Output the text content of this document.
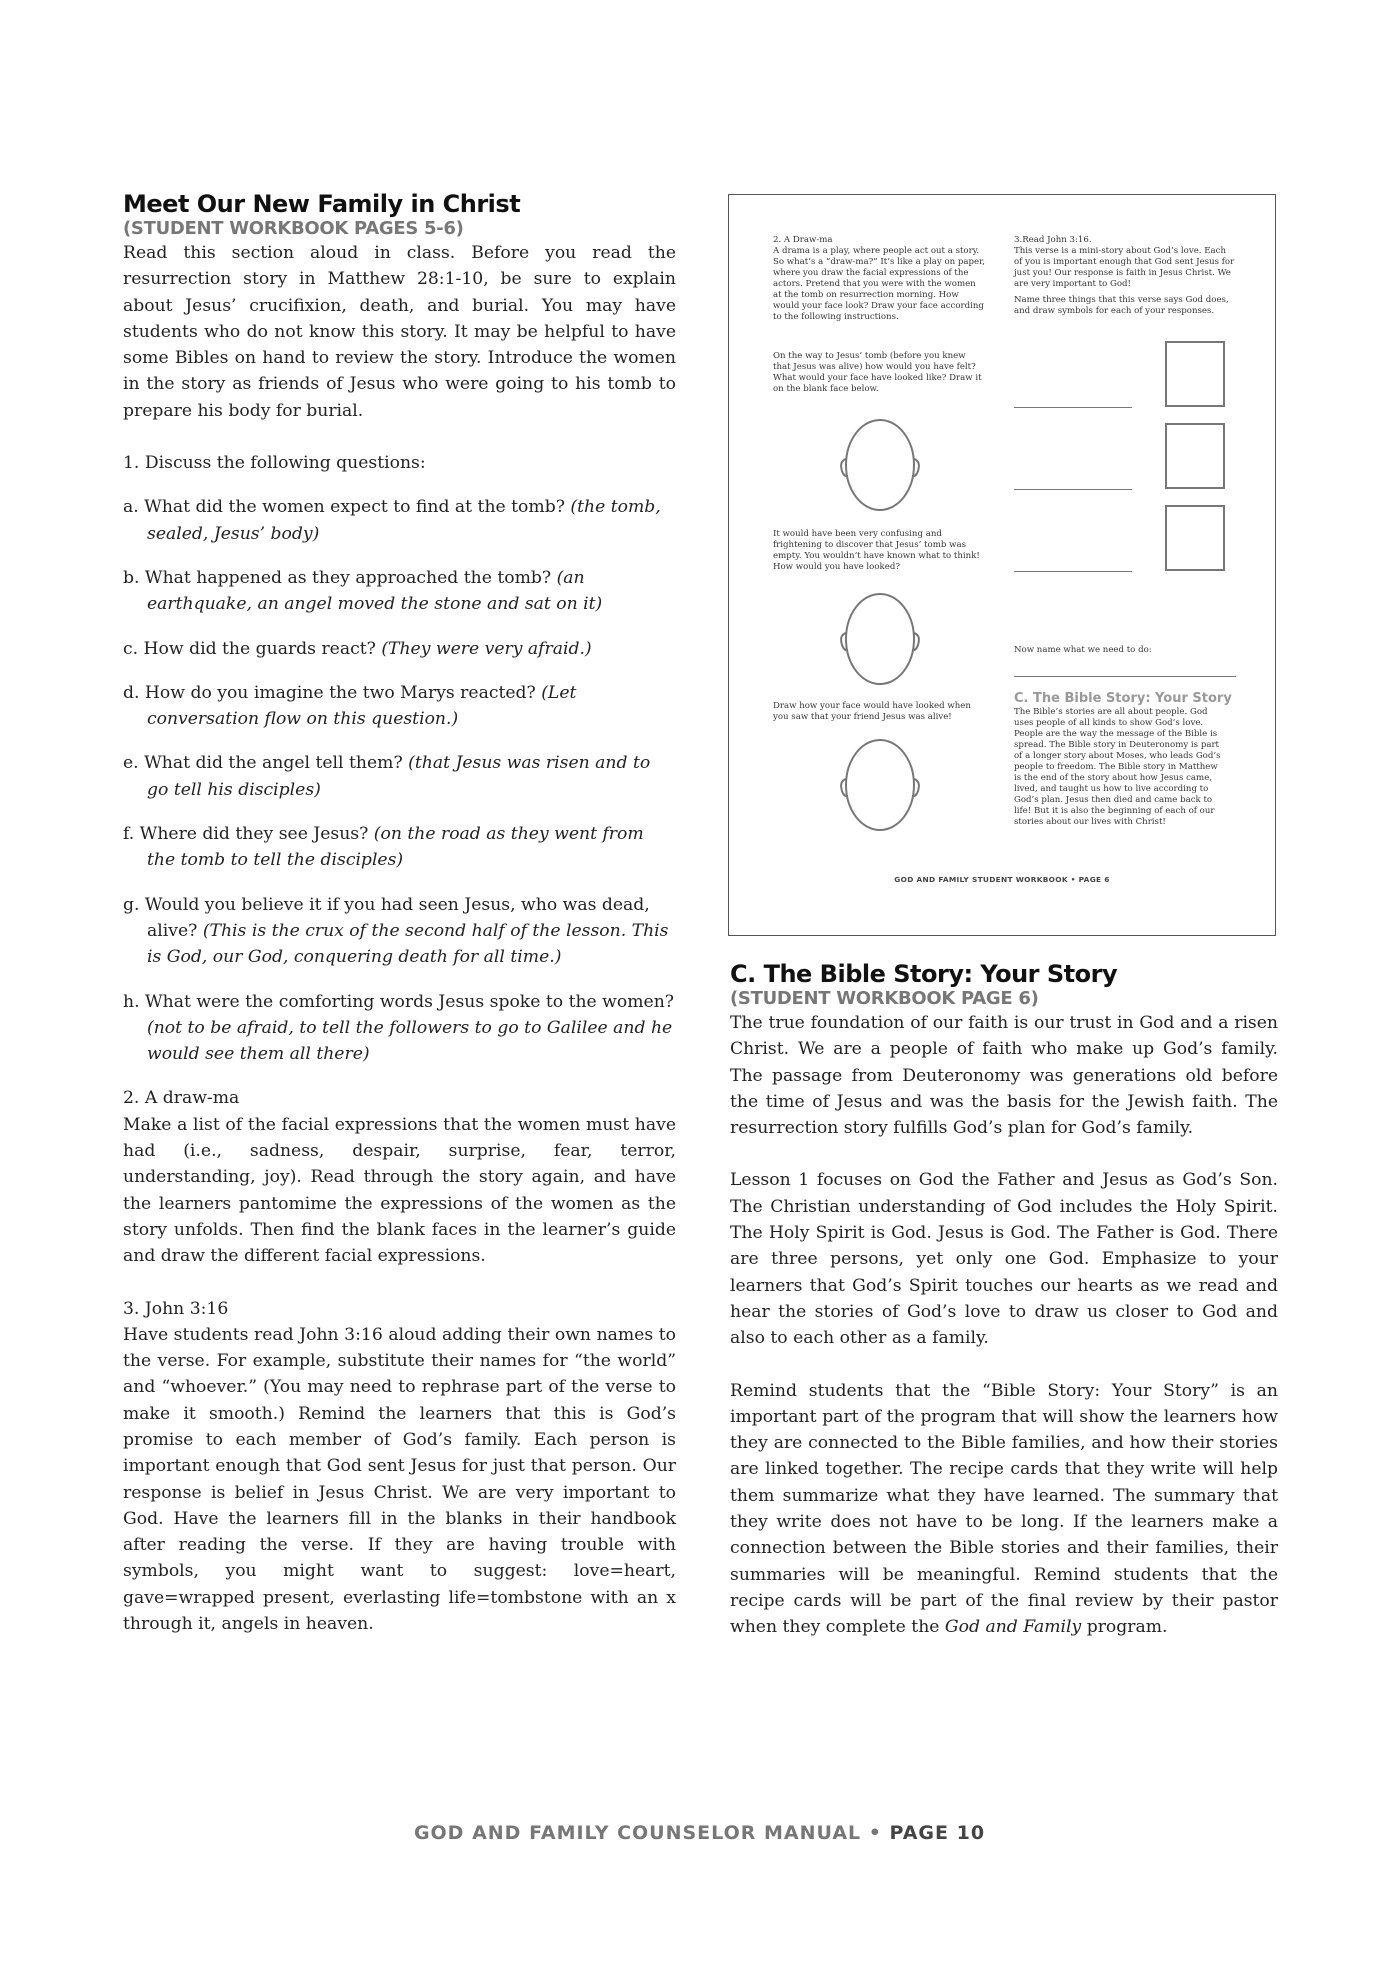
Meet Our New Family in Christ
(STUDENT WORKBOOK PAGES 5-6)

Read this section aloud in class. Before you read the resurrection story in Matthew 28:1-10, be sure to explain about Jesus’ crucifixion, death, and burial. You may have students who do not know this story. It may be helpful to have some Bibles on hand to review the story. Introduce the women in the story as friends of Jesus who were going to his tomb to prepare his body for burial.

1. Discuss the following questions:
a. What did the women expect to find at the tomb? (the tomb, sealed, Jesus’ body)
b. What happened as they approached the tomb? (an earthquake, an angel moved the stone and sat on it)
c. How did the guards react? (They were very afraid.)
d. How do you imagine the two Marys reacted? (Let conversation flow on this question.)
e. What did the angel tell them? (that Jesus was risen and to go tell his disciples)
f. Where did they see Jesus? (on the road as they went from the tomb to tell the disciples)
g. Would you believe it if you had seen Jesus, who was dead, alive? (This is the crux of the second half of the lesson. This is God, our God, conquering death for all time.)
h. What were the comforting words Jesus spoke to the women? (not to be afraid, to tell the followers to go to Galilee and he would see them all there)
2. A draw-ma

Make a list of the facial expressions that the women must have had (i.e., sadness, despair, surprise, fear, terror, understanding, joy). Read through the story again, and have the learners pantomime the expressions of the women as the story unfolds. Then find the blank faces in the learner’s guide and draw the different facial expressions.

3. John 3:16

Have students read John 3:16 aloud adding their own names to the verse. For example, substitute their names for “the world” and “whoever.” (You may need to rephrase part of the verse to make it smooth.) Remind the learners that this is God’s promise to each member of God’s family. Each person is important enough that God sent Jesus for just that person. Our response is belief in Jesus Christ. We are very important to God. Have the learners fill in the blanks in their handbook after reading the verse. If they are having trouble with symbols, you might want to suggest: love=heart, gave=wrapped present, everlasting life=tombstone with an x through it, angels in heaven.

2. A Draw-ma
A drama is a play, where people act out a story. So what’s a “draw-ma?” It’s like a play on paper, where you draw the facial expressions of the actors. Pretend that you were with the women at the tomb on resurrection morning. How would your face look? Draw your face according to the following instructions.
On the way to Jesus’ tomb (before you knew that Jesus was alive) how would you have felt? What would your face have looked like? Draw it on the blank face below.
It would have been very confusing and frightening to discover that Jesus’ tomb was empty. You wouldn’t have known what to think! How would you have looked?
Draw how your face would have looked when you saw that your friend Jesus was alive!
3.Read John 3:16.
This verse is a mini-story about God’s love. Each of you is important enough that God sent Jesus for just you! Our response is faith in Jesus Christ. We are very important to God!
Name three things that this verse says God does, and draw symbols for each of your responses.
Now name what we need to do:
C. The Bible Story: Your Story
The Bible’s stories are all about people. God uses people of all kinds to show God’s love. People are the way the message of the Bible is spread. The Bible story in Deuteronomy is part of a longer story about Moses, who leads God’s people to freedom. The Bible story in Matthew is the end of the story about how Jesus came, lived, and taught us how to live according to God’s plan. Jesus then died and came back to life! But it is also the beginning of each of our stories about our lives with Christ!
GOD AND FAMILY STUDENT WORKBOOK • PAGE 6
C. The Bible Story: Your Story
(STUDENT WORKBOOK PAGE 6)

The true foundation of our faith is our trust in God and a risen Christ. We are a people of faith who make up God’s family. The passage from Deuteronomy was generations old before the time of Jesus and was the basis for the Jewish faith. The resurrection story fulfills God’s plan for God’s family.

Lesson 1 focuses on God the Father and Jesus as God’s Son. The Christian understanding of God includes the Holy Spirit. The Holy Spirit is God. Jesus is God. The Father is God. There are three persons, yet only one God. Emphasize to your learners that God’s Spirit touches our hearts as we read and hear the stories of God’s love to draw us closer to God and also to each other as a family.

Remind students that the “Bible Story: Your Story” is an important part of the program that will show the learners how they are connected to the Bible families, and how their stories are linked together. The recipe cards that they write will help them summarize what they have learned. The summary that they write does not have to be long. If the learners make a connection between the Bible stories and their families, their summaries will be meaningful. Remind students that the recipe cards will be part of the final review by their pastor when they complete the God and Family program.

GOD AND FAMILY COUNSELOR MANUAL • PAGE 10
